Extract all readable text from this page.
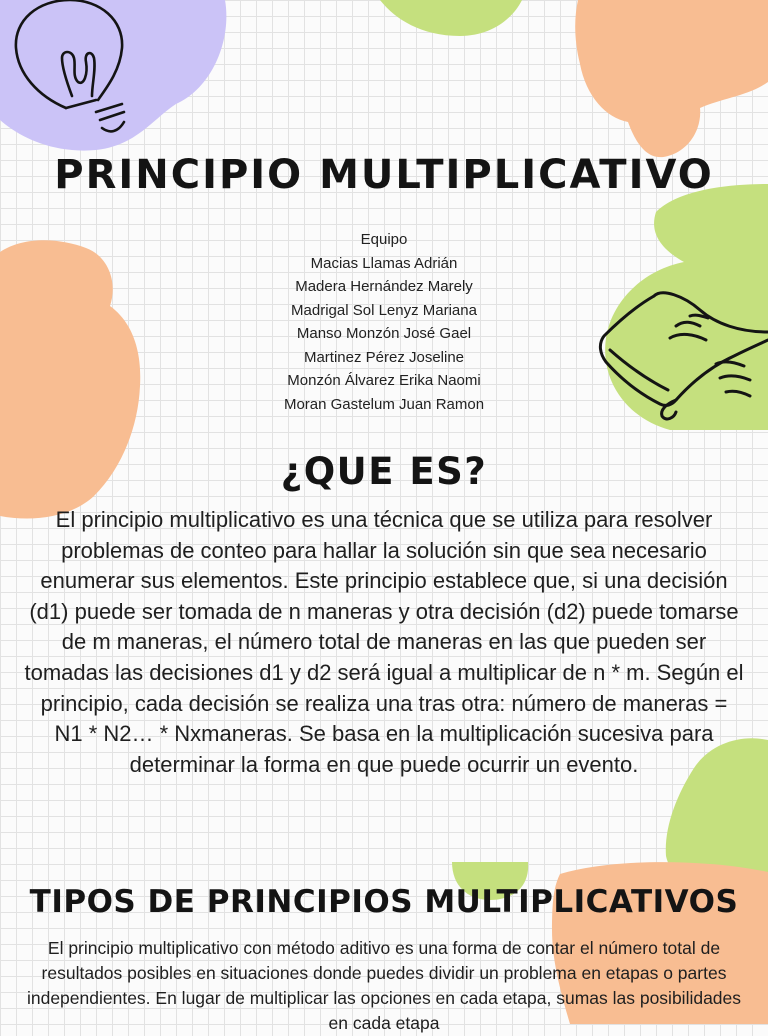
PRINCIPIO MULTIPLICATIVO
Equipo
Macias Llamas Adrián
Madera Hernández Marely
Madrigal Sol Lenyz Mariana
Manso Monzón José Gael
Martinez Pérez Joseline
Monzón Álvarez Erika Naomi
Moran Gastelum Juan Ramon
¿QUE ES?

El principio multiplicativo es una técnica que se utiliza para resolver problemas de conteo para hallar la solución sin que sea necesario enumerar sus elementos. Este principio establece que, si una decisión (d1) puede ser tomada de n maneras y otra decisión (d2) puede tomarse de m maneras, el número total de maneras en las que pueden ser tomadas las decisiones d1 y d2 será igual a multiplicar de n * m. Según el principio, cada decisión se realiza una tras otra: número de maneras = N1 * N2… * Nxmaneras. Se basa en la multiplicación sucesiva para determinar la forma en que puede ocurrir un evento.

TIPOS DE PRINCIPIOS MULTIPLICATIVOS

El principio multiplicativo con método aditivo es una forma de contar el número total de resultados posibles en situaciones donde puedes dividir un problema en etapas o partes independientes. En lugar de multiplicar las opciones en cada etapa, sumas las posibilidades en cada etapa
